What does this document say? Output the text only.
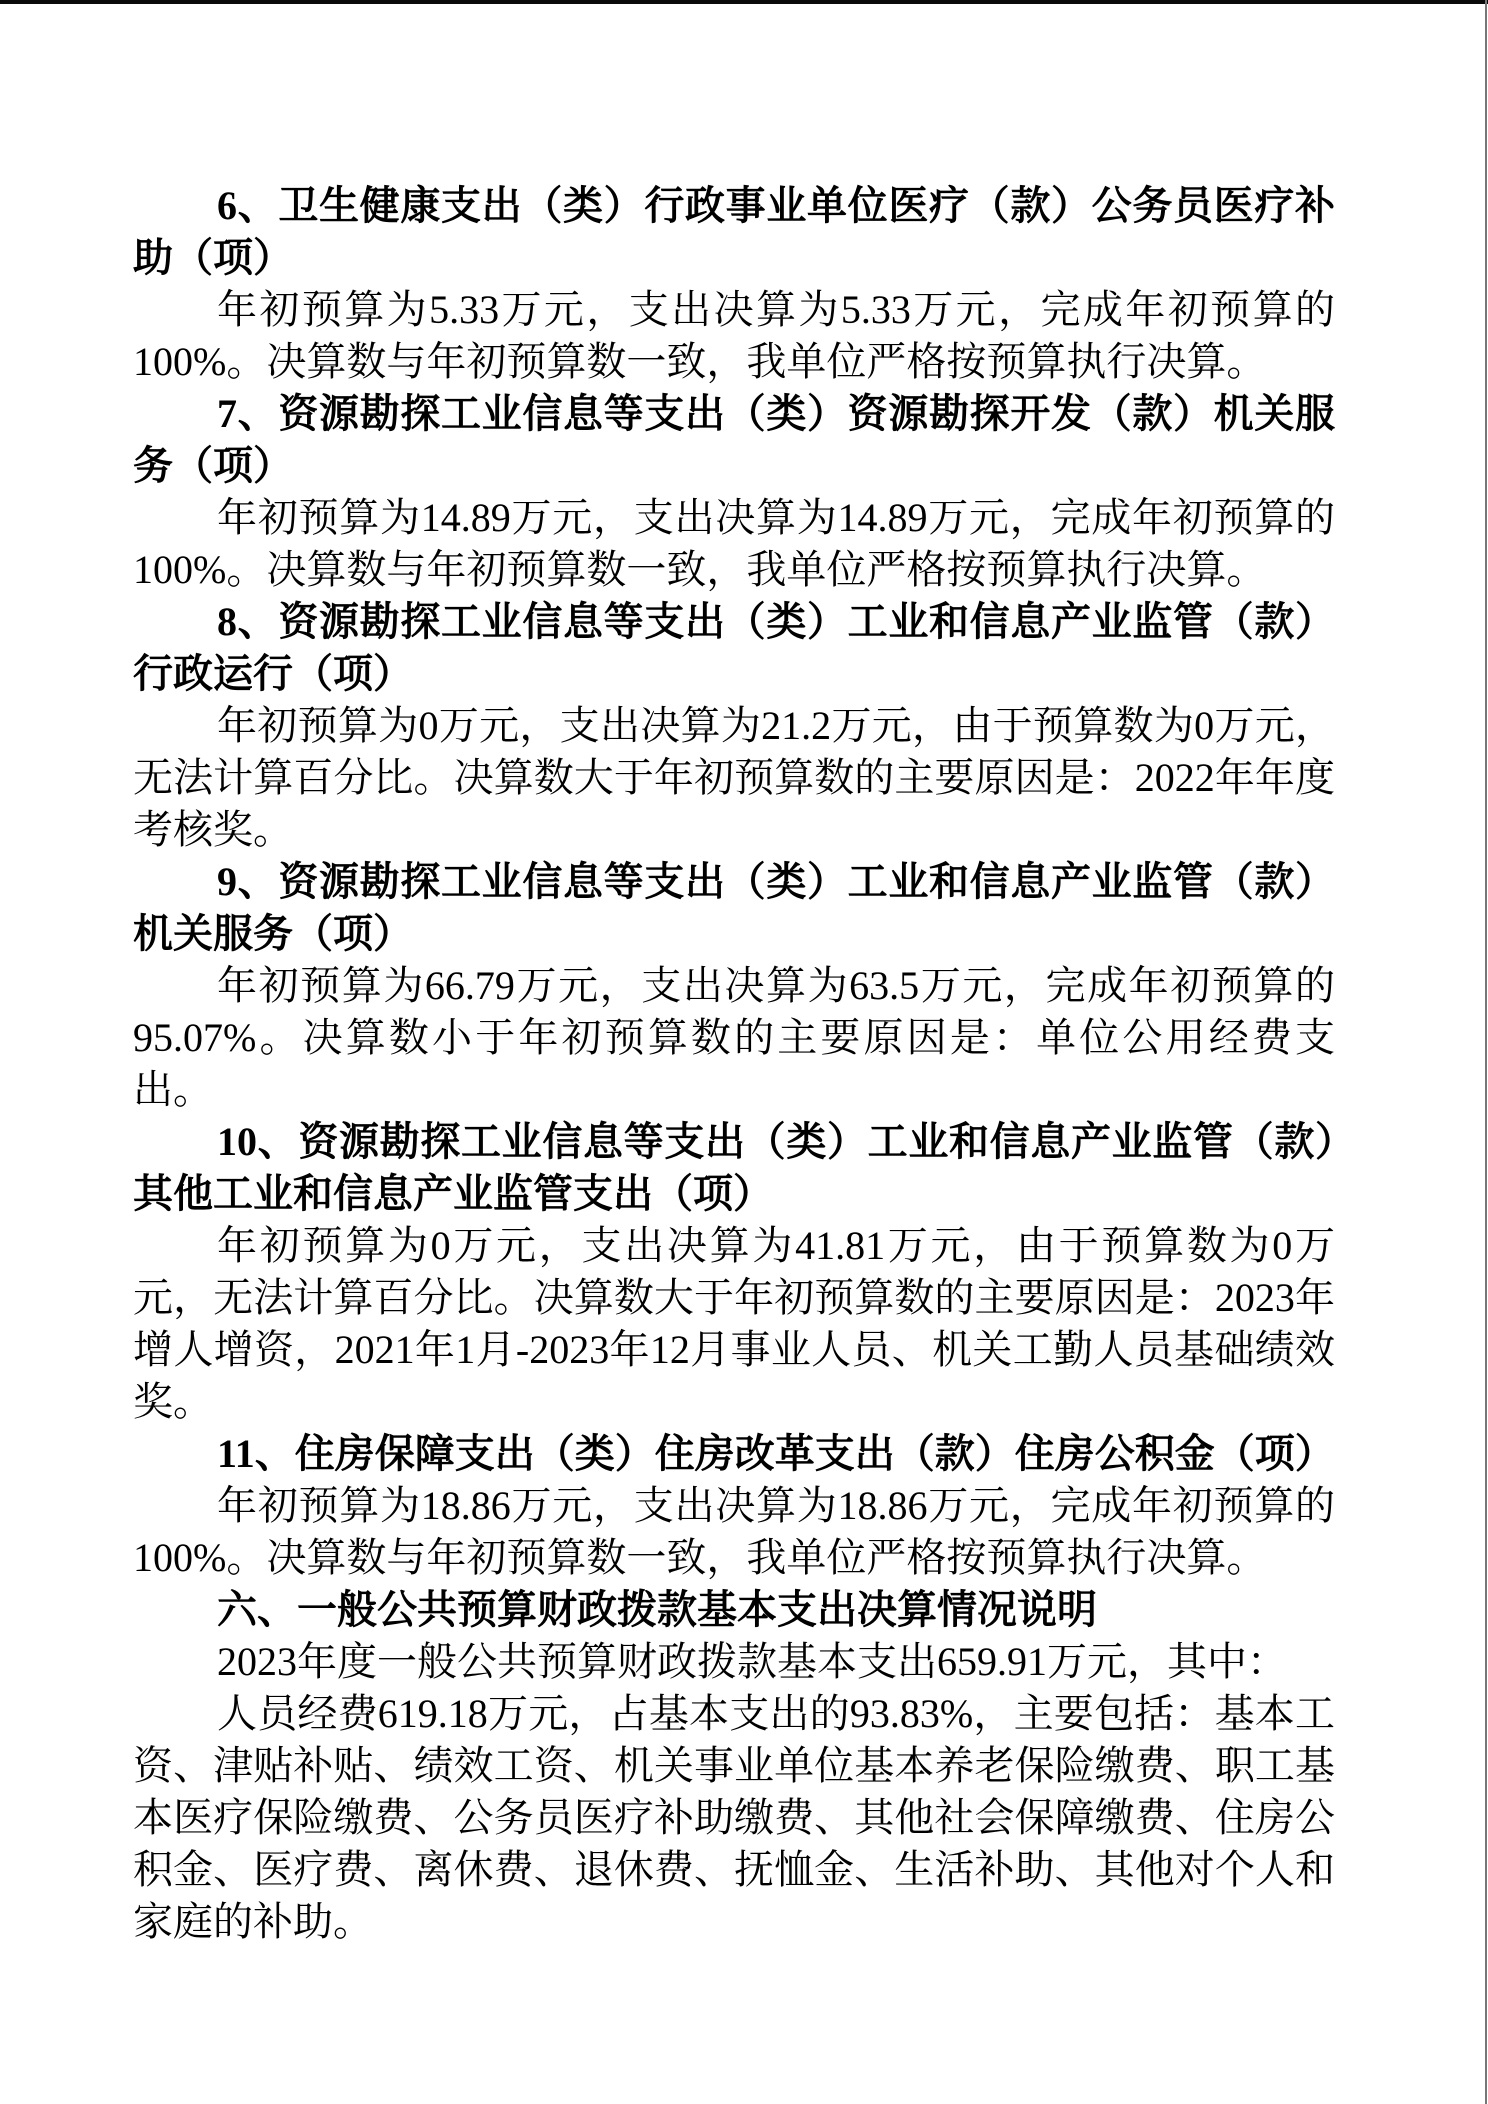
6、卫生健康支出（类）行政事业单位医疗（款）公务员医疗补助（项）
年初预算为5.33万元，支出决算为5.33万元，完成年初预算的100%。决算数与年初预算数一致，我单位严格按预算执行决算。
7、资源勘探工业信息等支出（类）资源勘探开发（款）机关服务（项）
年初预算为14.89万元，支出决算为14.89万元，完成年初预算的100%。决算数与年初预算数一致，我单位严格按预算执行决算。
8、资源勘探工业信息等支出（类）工业和信息产业监管（款）行政运行（项）
年初预算为0万元，支出决算为21.2万元，由于预算数为0万元，无法计算百分比。决算数大于年初预算数的主要原因是：2022年年度考核奖。
9、资源勘探工业信息等支出（类）工业和信息产业监管（款）机关服务（项）
年初预算为66.79万元，支出决算为63.5万元，完成年初预算的95.07%。决算数小于年初预算数的主要原因是：单位公用经费支出。
10、资源勘探工业信息等支出（类）工业和信息产业监管（款）其他工业和信息产业监管支出（项）
年初预算为0万元，支出决算为41.81万元，由于预算数为0万元，无法计算百分比。决算数大于年初预算数的主要原因是：2023年增人增资，2021年1月-2023年12月事业人员、机关工勤人员基础绩效奖。
11、住房保障支出（类）住房改革支出（款）住房公积金（项）
年初预算为18.86万元，支出决算为18.86万元，完成年初预算的100%。决算数与年初预算数一致，我单位严格按预算执行决算。
六、一般公共预算财政拨款基本支出决算情况说明
2023年度一般公共预算财政拨款基本支出659.91万元，其中：
人员经费619.18万元，占基本支出的93.83%，主要包括：基本工资、津贴补贴、绩效工资、机关事业单位基本养老保险缴费、职工基本医疗保险缴费、公务员医疗补助缴费、其他社会保障缴费、住房公积金、医疗费、离休费、退休费、抚恤金、生活补助、其他对个人和家庭的补助。
